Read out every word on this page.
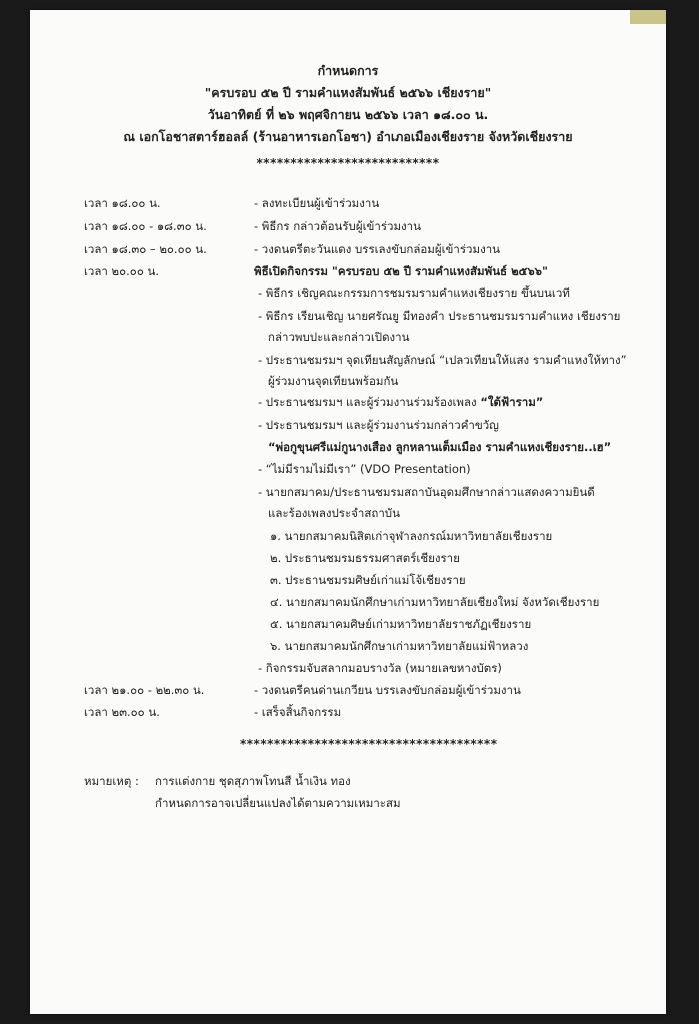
กำหนดการ
"ครบรอบ ๕๒ ปี รามคำแหงสัมพันธ์ ๒๕๖๖ เชียงราย"
วันอาทิตย์ ที่ ๒๖ พฤศจิกายน ๒๕๖๖ เวลา ๑๘.๐๐ น.
ณ เอกโอชาสตาร์ฮอลล์ (ร้านอาหารเอกโอชา) อำเภอเมืองเชียงราย จังหวัดเชียงราย
***************************
เวลา ๑๘.๐๐ น.	- ลงทะเบียนผู้เข้าร่วมงาน
เวลา ๑๘.๐๐ - ๑๘.๓๐ น.	- พิธีกร กล่าวต้อนรับผู้เข้าร่วมงาน
เวลา ๑๘.๓๐ – ๒๐.๐๐ น.	- วงดนตรีตะวันแดง บรรเลงขับกล่อมผู้เข้าร่วมงาน
เวลา ๒๐.๐๐ น.	พิธีเปิดกิจกรรม "ครบรอบ ๕๒ ปี รามคำแหงสัมพันธ์ ๒๕๖๖"
- พิธีกร เชิญคณะกรรมการชมรมรามคำแหงเชียงราย ขึ้นบนเวที
- พิธีกร เรียนเชิญ นายศรัณยู มีทองคำ ประธานชมรมรามคำแหง เชียงราย
กล่าวพบปะและกล่าวเปิดงาน
- ประธานชมรมฯ จุดเทียนสัญลักษณ์ “เปลวเทียนให้แสง รามคำแหงให้ทาง”
ผู้ร่วมงานจุดเทียนพร้อมกัน
- ประธานชมรมฯ และผู้ร่วมงานร่วมร้องเพลง “ใต้ฟ้าราม”
- ประธานชมรมฯ และผู้ร่วมงานร่วมกล่าวคำขวัญ
“พ่อกูขุนศรีแม่กูนางเสือง ลูกหลานเต็มเมือง รามคำแหงเชียงราย..เฮ”
- “ไม่มีรามไม่มีเรา” (VDO Presentation)
- นายกสมาคม/ประธานชมรมสถาบันอุดมศึกษากล่าวแสดงความยินดี
และร้องเพลงประจำสถาบัน
๑. นายกสมาคมนิสิตเก่าจุฬาลงกรณ์มหาวิทยาลัยเชียงราย
๒. ประธานชมรมธรรมศาสตร์เชียงราย
๓. ประธานชมรมศิษย์เก่าแม่โจ้เชียงราย
๔. นายกสมาคมนักศึกษาเก่ามหาวิทยาลัยเชียงใหม่ จังหวัดเชียงราย
๕. นายกสมาคมศิษย์เก่ามหาวิทยาลัยราชภัฏเชียงราย
๖. นายกสมาคมนักศึกษาเก่ามหาวิทยาลัยแม่ฟ้าหลวง
- กิจกรรมจับสลากมอบรางวัล (หมายเลขหางบัตร)
เวลา ๒๑.๐๐ - ๒๒.๓๐ น.	- วงดนตรีคนด่านเกวียน บรรเลงขับกล่อมผู้เข้าร่วมงาน
เวลา ๒๓.๐๐ น.	- เสร็จสิ้นกิจกรรม
**************************************
หมายเหตุ : การแต่งกาย ชุดสุภาพโทนสี น้ำเงิน ทอง
กำหนดการอาจเปลี่ยนแปลงได้ตามความเหมาะสม
